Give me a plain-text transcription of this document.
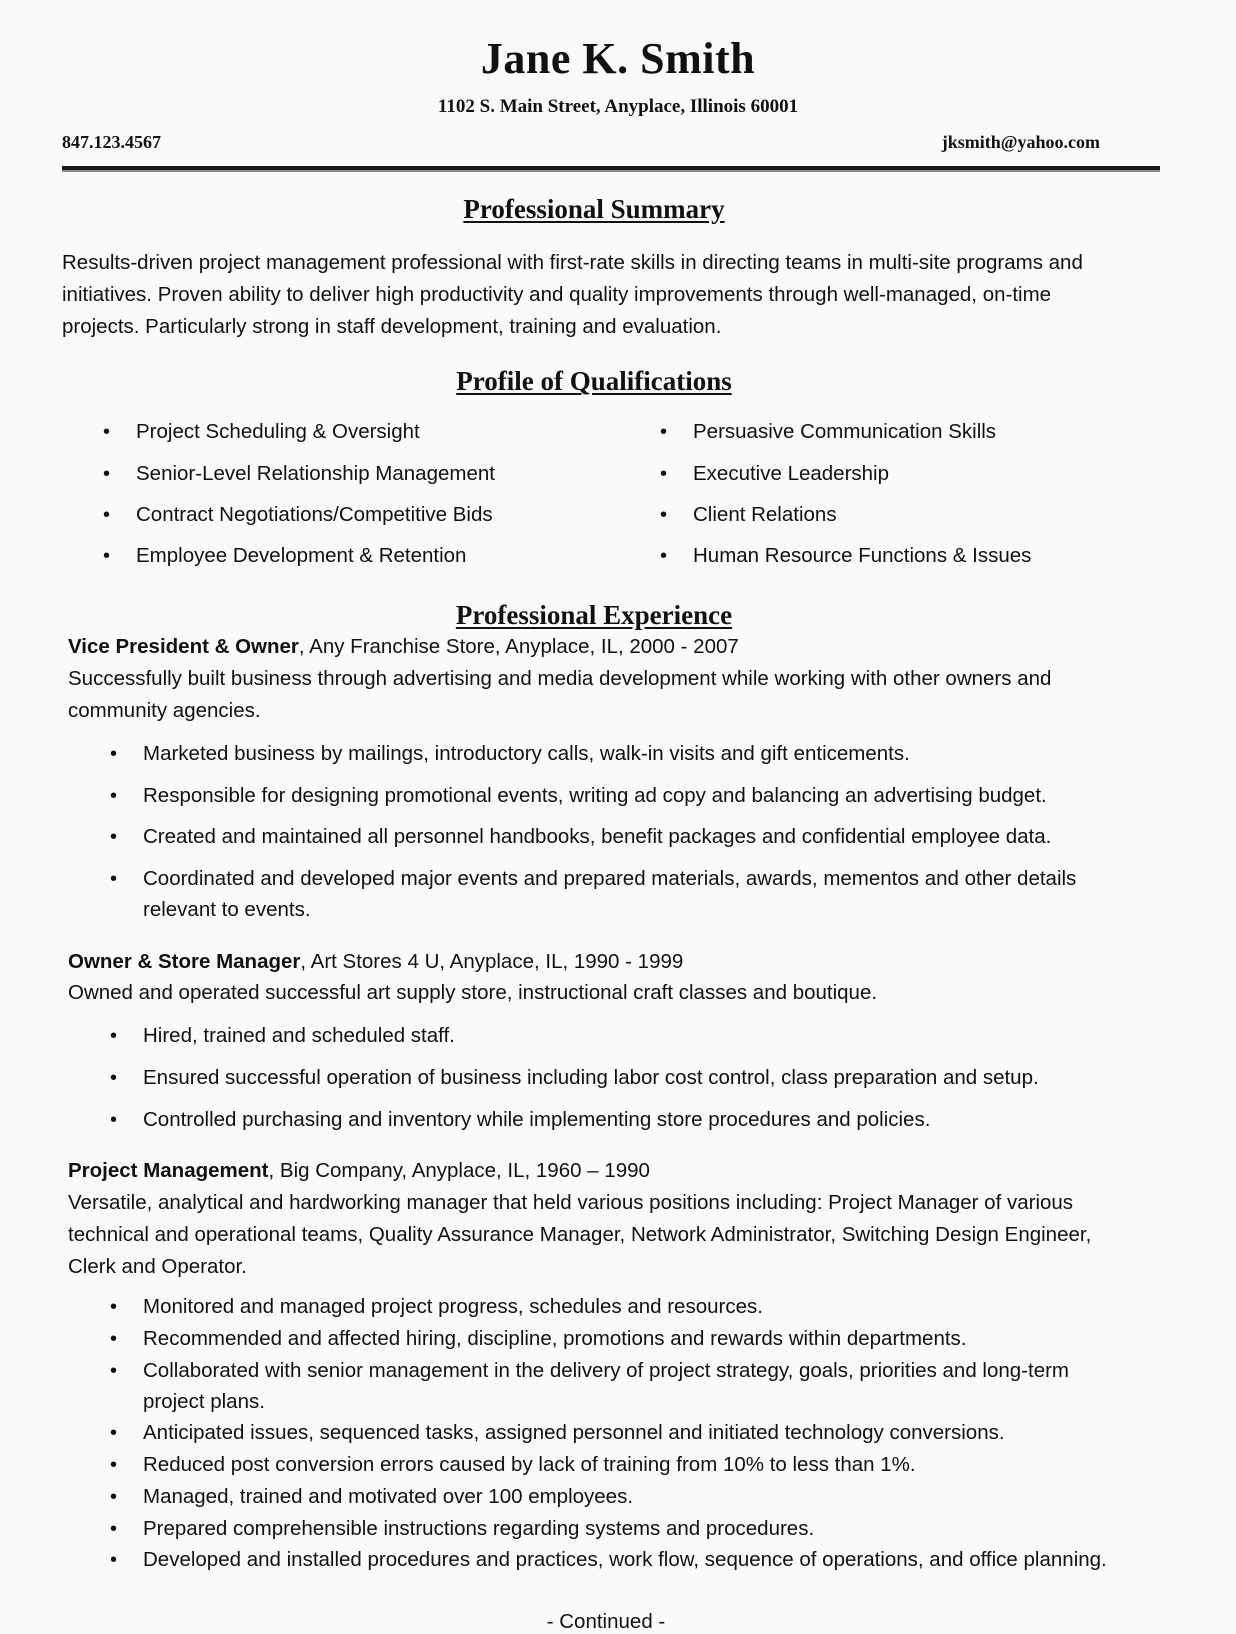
Jane K. Smith
1102 S. Main Street, Anyplace, Illinois 60001
847.123.4567	jksmith@yahoo.com
Professional Summary

Results-driven project management professional with first-rate skills in directing teams in multi-site programs and initiatives. Proven ability to deliver high productivity and quality improvements through well-managed, on-time projects. Particularly strong in staff development, training and evaluation.

Profile of Qualifications
•	Project Scheduling & Oversight
•	Senior-Level Relationship Management
•	Contract Negotiations/Competitive Bids
•	Employee Development & Retention
•	Persuasive Communication Skills
•	Executive Leadership
•	Client Relations
•	Human Resource Functions & Issues
Professional Experience

Vice President & Owner, Any Franchise Store, Anyplace, IL, 2000 - 2007

Successfully built business through advertising and media development while working with other owners and community agencies.

•	Marketed business by mailings, introductory calls, walk-in visits and gift enticements.
•	Responsible for designing promotional events, writing ad copy and balancing an advertising budget.
•	Created and maintained all personnel handbooks, benefit packages and confidential employee data.
•	Coordinated and developed major events and prepared materials, awards, mementos and other details relevant to events.

Owner & Store Manager, Art Stores 4 U, Anyplace, IL, 1990 - 1999

Owned and operated successful art supply store, instructional craft classes and boutique.

•	Hired, trained and scheduled staff.
•	Ensured successful operation of business including labor cost control, class preparation and setup.
•	Controlled purchasing and inventory while implementing store procedures and policies.

Project Management, Big Company, Anyplace, IL, 1960 – 1990

Versatile, analytical and hardworking manager that held various positions including: Project Manager of various technical and operational teams, Quality Assurance Manager, Network Administrator, Switching Design Engineer, Clerk and Operator.

•	Monitored and managed project progress, schedules and resources.
•	Recommended and affected hiring, discipline, promotions and rewards within departments.
•	Collaborated with senior management in the delivery of project strategy, goals, priorities and long-term project plans.
•	Anticipated issues, sequenced tasks, assigned personnel and initiated technology conversions.
•	Reduced post conversion errors caused by lack of training from 10% to less than 1%.
•	Managed, trained and motivated over 100 employees.
•	Prepared comprehensible instructions regarding systems and procedures.
•	Developed and installed procedures and practices, work flow, sequence of operations, and office planning.
- Continued -
